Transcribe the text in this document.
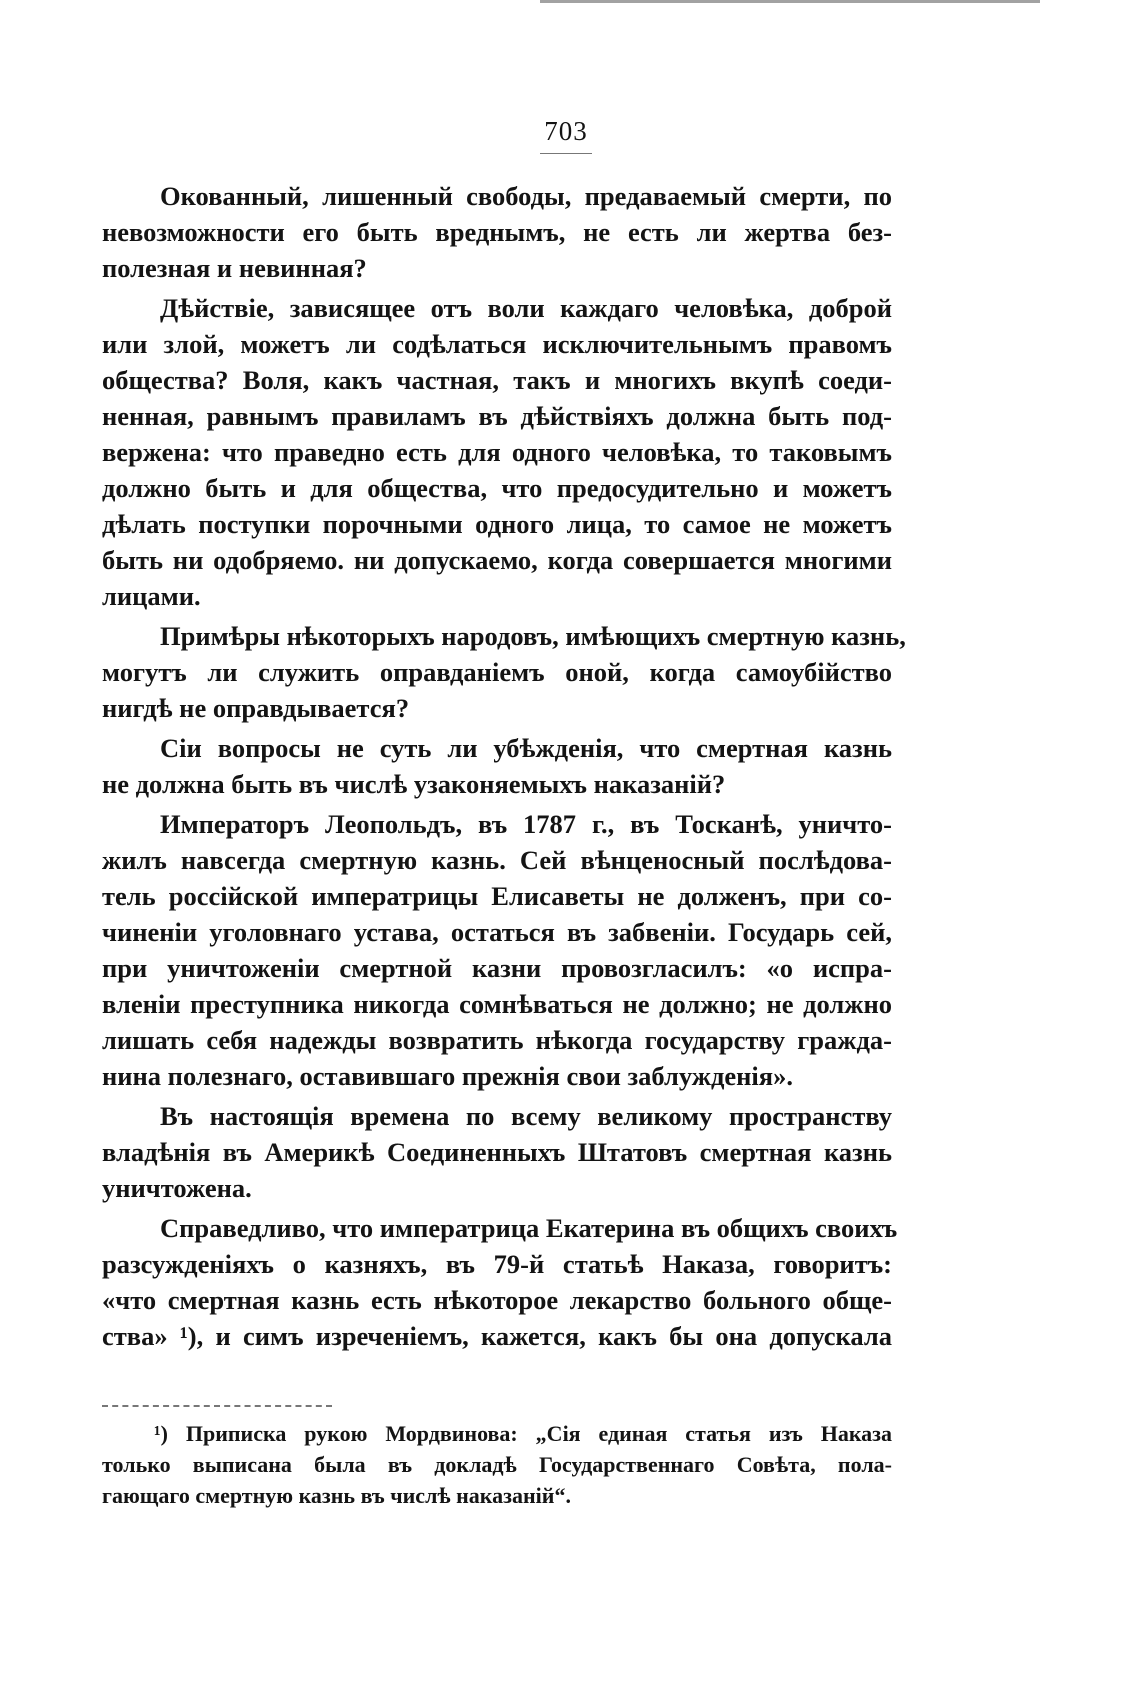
703
Окованный, лишенный свободы, предаваемый смерти, по
невозможности его быть вреднымъ, не есть ли жертва без-
полезная и невинная?
Дѣйствіе, зависящее отъ воли каждаго человѣка, доброй
или злой, можетъ ли содѣлаться исключительнымъ правомъ
общества? Воля, какъ частная, такъ и многихъ вкупѣ соеди-
ненная, равнымъ правиламъ въ дѣйствіяхъ должна быть под-
вержена: что праведно есть для одного человѣка, то таковымъ
должно быть и для общества, что предосудительно и можетъ
дѣлать поступки порочными одного лица, то самое не можетъ
быть ни одобряемо. ни допускаемо, когда совершается многими
лицами.
Примѣры нѣкоторыхъ народовъ, имѣющихъ смертную казнь,
могутъ ли служить оправданіемъ оной, когда самоубійство
нигдѣ не оправдывается?
Сіи вопросы не суть ли убѣжденія, что смертная казнь
не должна быть въ числѣ узаконяемыхъ наказаній?
Императоръ Леопольдъ, въ 1787 г., въ Тосканѣ, уничто-
жилъ навсегда смертную казнь. Сей вѣнценосный послѣдова-
тель россійской императрицы Елисаветы не долженъ, при со-
чиненіи уголовнаго устава, остаться въ забвеніи. Государь сей,
при уничтоженіи смертной казни провозгласилъ: «о испра-
вленіи преступника никогда сомнѣваться не должно; не должно
лишать себя надежды возвратить нѣкогда государству гражда-
нина полезнаго, оставившаго прежнія свои заблужденія».
Въ настоящія времена по всему великому пространству
владѣнія въ Америкѣ Соединенныхъ Штатовъ смертная казнь
уничтожена.
Справедливо, что императрица Екатерина въ общихъ своихъ
разсужденіяхъ о казняхъ, въ 79-й статьѣ Наказа, говоритъ:
«что смертная казнь есть нѣкоторое лекарство больного обще-
ства» ¹), и симъ изреченіемъ, кажется, какъ бы она допускала
¹) Приписка рукою Мордвинова: „Сія единая статья изъ Наказа
только выписана была въ докладѣ Государственнаго Совѣта, пола-
гающаго смертную казнь въ числѣ наказаній“.
